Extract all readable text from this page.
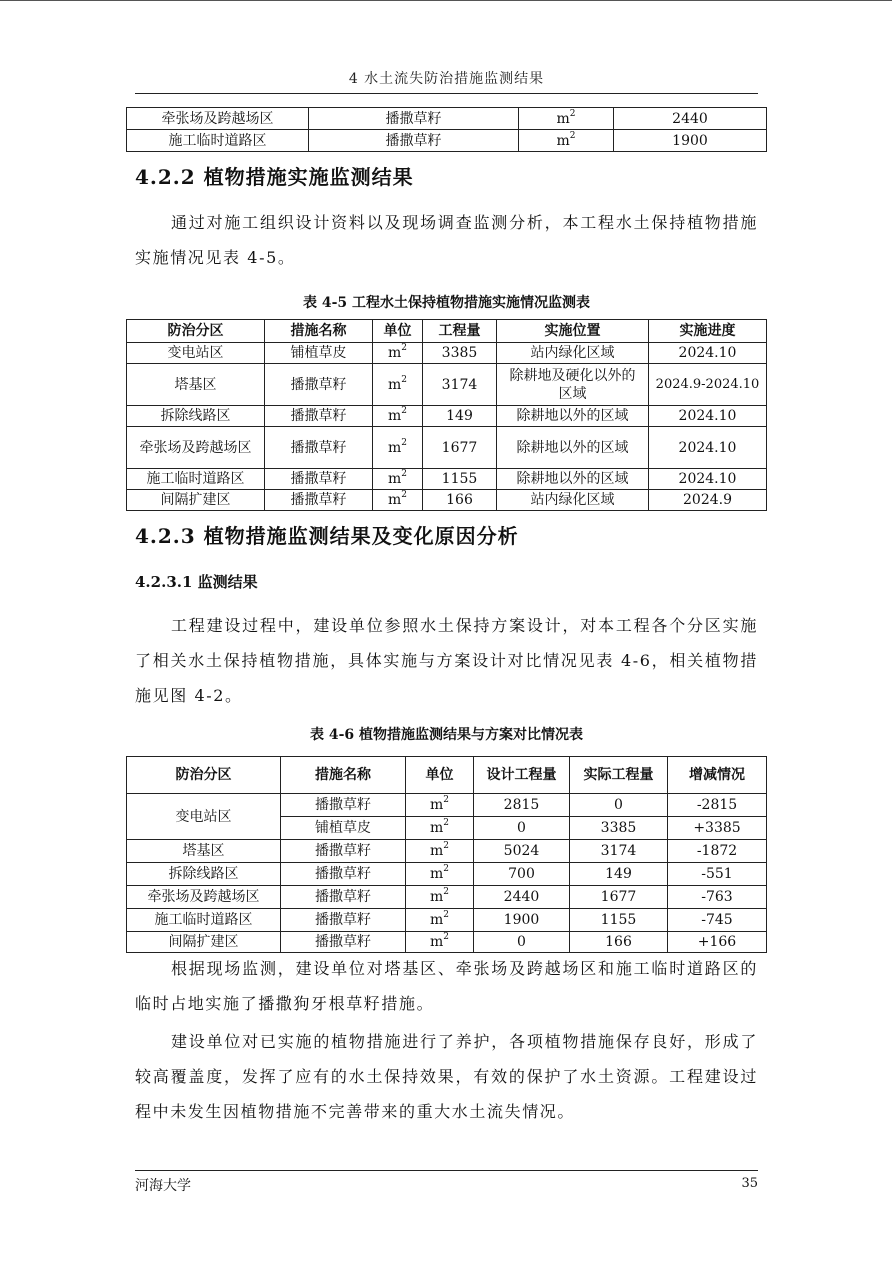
4 水土流失防治措施监测结果
牵张场及跨越场区	播撒草籽	$m^2$	2440
施工临时道路区	播撒草籽	$m^2$	1900
4.2.2 植物措施实施监测结果

通过对施工组织设计资料以及现场调查监测分析，本工程水土保持植物措施实施情况见表 4-5。

表 4-5 工程水土保持植物措施实施情况监测表
防治分区	措施名称	单位	工程量	实施位置	实施进度
变电站区	铺植草皮	$m^2$	3385	站内绿化区域	2024.10
塔基区	播撒草籽	$m^2$	3174	除耕地及硬化以外的区域	2024.9-2024.10
拆除线路区	播撒草籽	$m^2$	149	除耕地以外的区域	2024.10
牵张场及跨越场区	播撒草籽	$m^2$	1677	除耕地以外的区域	2024.10
施工临时道路区	播撒草籽	$m^2$	1155	除耕地以外的区域	2024.10
间隔扩建区	播撒草籽	$m^2$	166	站内绿化区域	2024.9
4.2.3 植物措施监测结果及变化原因分析
4.2.3.1 监测结果

工程建设过程中，建设单位参照水土保持方案设计，对本工程各个分区实施了相关水土保持植物措施，具体实施与方案设计对比情况见表 4-6，相关植物措施见图 4-2。

表 4-6 植物措施监测结果与方案对比情况表
防治分区	措施名称	单位	设计工程量	实际工程量	增减情况
变电站区	播撒草籽	$m^2$	2815	0	-2815
	铺植草皮	$m^2$	0	3385	+3385
塔基区	播撒草籽	$m^2$	5024	3174	-1872
拆除线路区	播撒草籽	$m^2$	700	149	-551
牵张场及跨越场区	播撒草籽	$m^2$	2440	1677	-763
施工临时道路区	播撒草籽	$m^2$	1900	1155	-745
间隔扩建区	播撒草籽	$m^2$	0	166	+166

根据现场监测，建设单位对塔基区、牵张场及跨越场区和施工临时道路区的临时占地实施了播撒狗牙根草籽措施。

建设单位对已实施的植物措施进行了养护，各项植物措施保存良好，形成了较高覆盖度，发挥了应有的水土保持效果，有效的保护了水土资源。工程建设过程中未发生因植物措施不完善带来的重大水土流失情况。

河海大学	35
